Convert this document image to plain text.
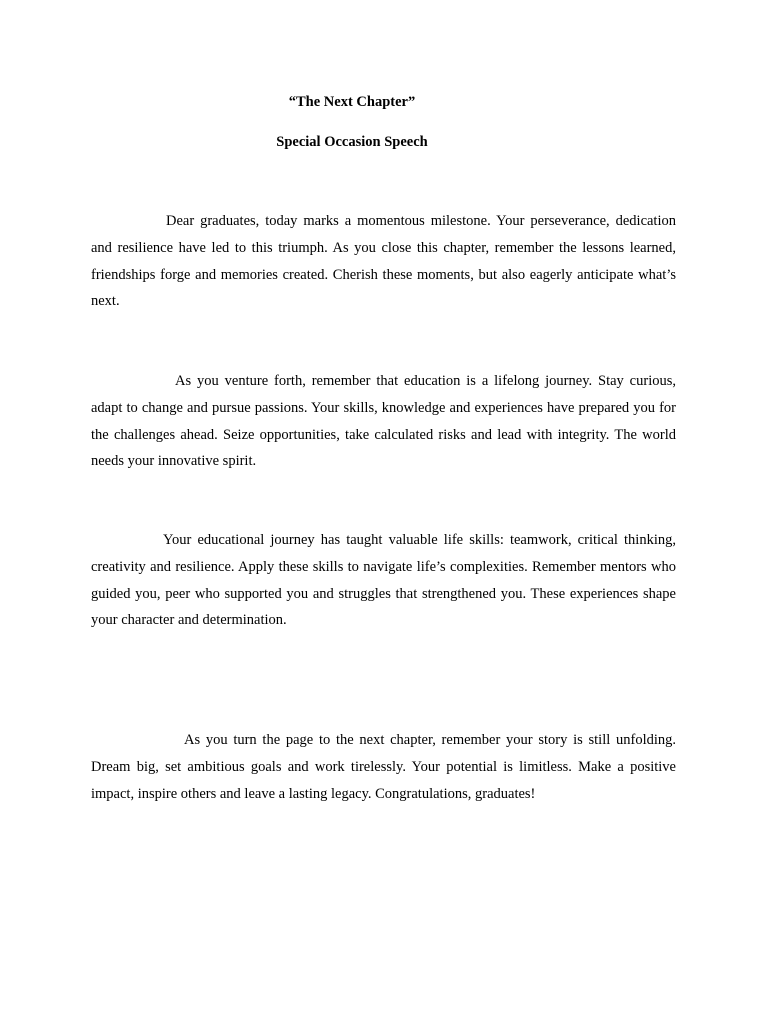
“The Next Chapter”
Special Occasion Speech

Dear graduates, today marks a momentous milestone. Your perseverance, dedication and resilience have led to this triumph. As you close this chapter, remember the lessons learned, friendships forge and memories created. Cherish these moments, but also eagerly anticipate what’s next.

As you venture forth, remember that education is a lifelong journey. Stay curious, adapt to change and pursue passions. Your skills, knowledge and experiences have prepared you for the challenges ahead. Seize opportunities, take calculated risks and lead with integrity. The world needs your innovative spirit.

Your educational journey has taught valuable life skills: teamwork, critical thinking, creativity and resilience. Apply these skills to navigate life’s complexities. Remember mentors who guided you, peer who supported you and struggles that strengthened you. These experiences shape your character and determination.

As you turn the page to the next chapter, remember your story is still unfolding. Dream big, set ambitious goals and work tirelessly. Your potential is limitless. Make a positive impact, inspire others and leave a lasting legacy. Congratulations, graduates!
